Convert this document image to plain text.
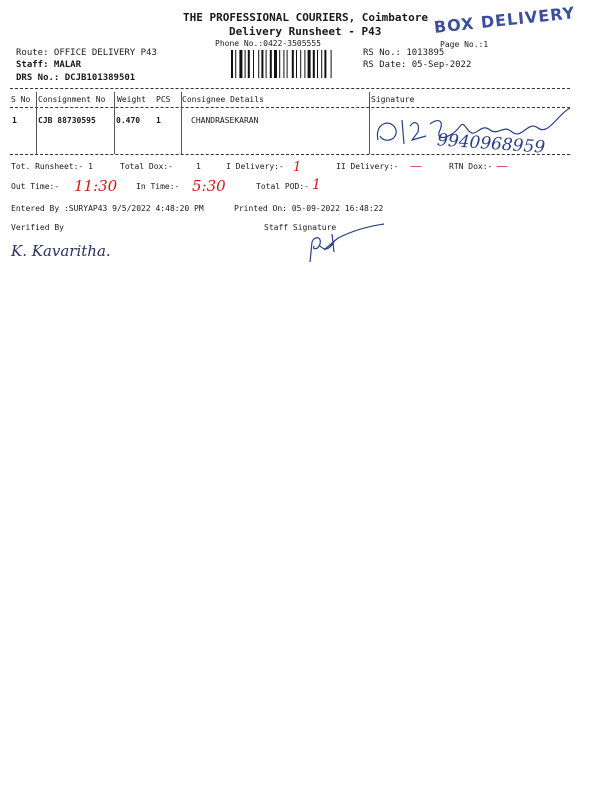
THE PROFESSIONAL COURIERS, Coimbatore
Delivery Runsheet - P43
Phone No.:0422-3505555	Page No.:1
BOX DELIVERY
Route: OFFICE DELIVERY P43
Staff: MALAR
DRS No.: DCJB101389501
RS No.: 1013895
RS Date: 05-Sep-2022
S No Consignment No Weight PCS Consignee Details	Signature
1	CJB 88730595	0.470 1	CHANDRASEKARAN
9940968959
Tot. Runsheet:- 1	Total Dox:-	1	I Delivery:- 1	II Delivery:- —	RTN Dox:- —
Out Time:- 11:30 In Time:- 5:30	Total POD:- 1
Entered By :SURYAP43 9/5/2022 4:48:20 PM	Printed On: 05-09-2022 16:48:22
Verified By	Staff Signature
K. Kavaritha.
